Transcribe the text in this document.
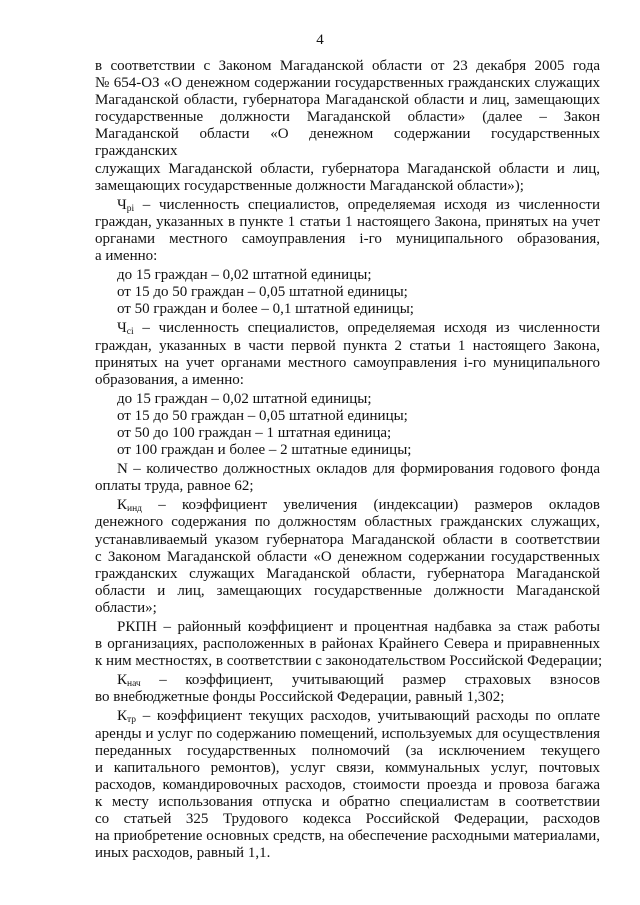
4
в соответствии с Законом Магаданской области от 23 декабря 2005 года
№ 654-ОЗ «О денежном содержании государственных гражданских служащих
Магаданской области, губернатора Магаданской области и лиц, замещающих
государственные должности Магаданской области» (далее – Закон
Магаданской области «О денежном содержании государственных гражданских
служащих Магаданской области, губернатора Магаданской области и лиц,
замещающих государственные должности Магаданской области»);
$Ч_{рi}$ – численность специалистов, определяемая исходя из численности
граждан, указанных в пункте 1 статьи 1 настоящего Закона, принятых на учет
органами местного самоуправления i-го муниципального образования,
а именно:
до 15 граждан – 0,02 штатной единицы;
от 15 до 50 граждан – 0,05 штатной единицы;
от 50 граждан и более – 0,1 штатной единицы;
$Ч_{сi}$ – численность специалистов, определяемая исходя из численности
граждан, указанных в части первой пункта 2 статьи 1 настоящего Закона,
принятых на учет органами местного самоуправления i-го муниципального
образования, а именно:
до 15 граждан – 0,02 штатной единицы;
от 15 до 50 граждан – 0,05 штатной единицы;
от 50 до 100 граждан – 1 штатная единица;
от 100 граждан и более – 2 штатные единицы;
N – количество должностных окладов для формирования годового фонда
оплаты труда, равное 62;
$К_{инд}$ – коэффициент увеличения (индексации) размеров окладов
денежного содержания по должностям областных гражданских служащих,
устанавливаемый указом губернатора Магаданской области в соответствии
с Законом Магаданской области «О денежном содержании государственных
гражданских служащих Магаданской области, губернатора Магаданской
области и лиц, замещающих государственные должности Магаданской
области»;
РКПН – районный коэффициент и процентная надбавка за стаж работы
в организациях, расположенных в районах Крайнего Севера и приравненных
к ним местностях, в соответствии с законодательством Российской Федерации;
$К_{нач}$ – коэффициент, учитывающий размер страховых взносов
во внебюджетные фонды Российской Федерации, равный 1,302;
$К_{тр}$ – коэффициент текущих расходов, учитывающий расходы по оплате
аренды и услуг по содержанию помещений, используемых для осуществления
переданных государственных полномочий (за исключением текущего
и капитального ремонтов), услуг связи, коммунальных услуг, почтовых
расходов, командировочных расходов, стоимости проезда и провоза багажа
к месту использования отпуска и обратно специалистам в соответствии
со статьей 325 Трудового кодекса Российской Федерации, расходов
на приобретение основных средств, на обеспечение расходными материалами,
иных расходов, равный 1,1.
